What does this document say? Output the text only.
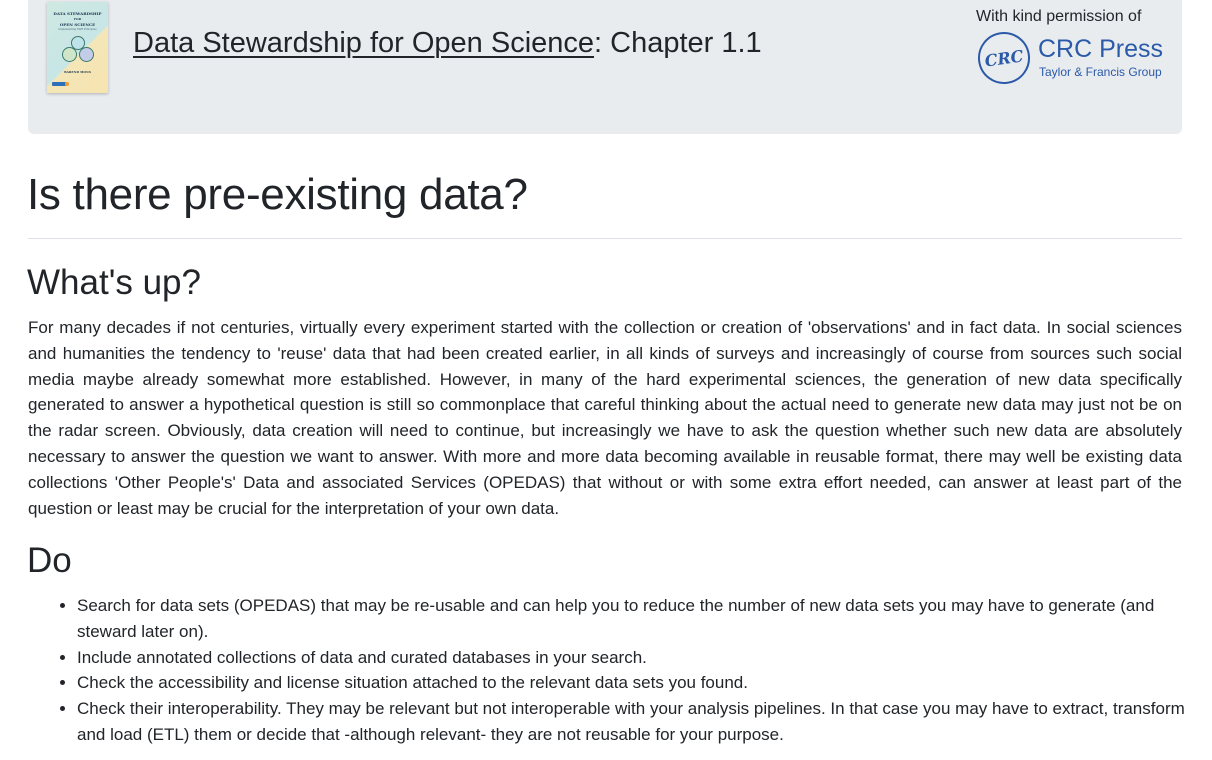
DATA STEWARDSHIP
FOR
OPEN SCIENCE
Implementing FAIR Principles
BAREND MONS
Data Stewardship for Open Science: Chapter 1.1
With kind permission of
CRC CRC Press
Taylor & Francis Group
Is there pre-existing data?
What's up?

For many decades if not centuries, virtually every experiment started with the collection or creation of 'observations' and in fact data. In social sciences and humanities the tendency to 'reuse' data that had been created earlier, in all kinds of surveys and increasingly of course from sources such social media maybe already somewhat more established. However, in many of the hard experimental sciences, the generation of new data specifically generated to answer a hypothetical question is still so commonplace that careful thinking about the actual need to generate new data may just not be on the radar screen. Obviously, data creation will need to continue, but increasingly we have to ask the question whether such new data are absolutely necessary to answer the question we want to answer. With more and more data becoming available in reusable format, there may well be existing data collections 'Other People's' Data and associated Services (OPEDAS) that without or with some extra effort needed, can answer at least part of the question or least may be crucial for the interpretation of your own data.

Do
• Search for data sets (OPEDAS) that may be re-usable and can help you to reduce the number of new data sets you may have to generate (and steward later on).
• Include annotated collections of data and curated databases in your search.
• Check the accessibility and license situation attached to the relevant data sets you found.
• Check their interoperability. They may be relevant but not interoperable with your analysis pipelines. In that case you may have to extract, transform and load (ETL) them or decide that -although relevant- they are not reusable for your purpose.
